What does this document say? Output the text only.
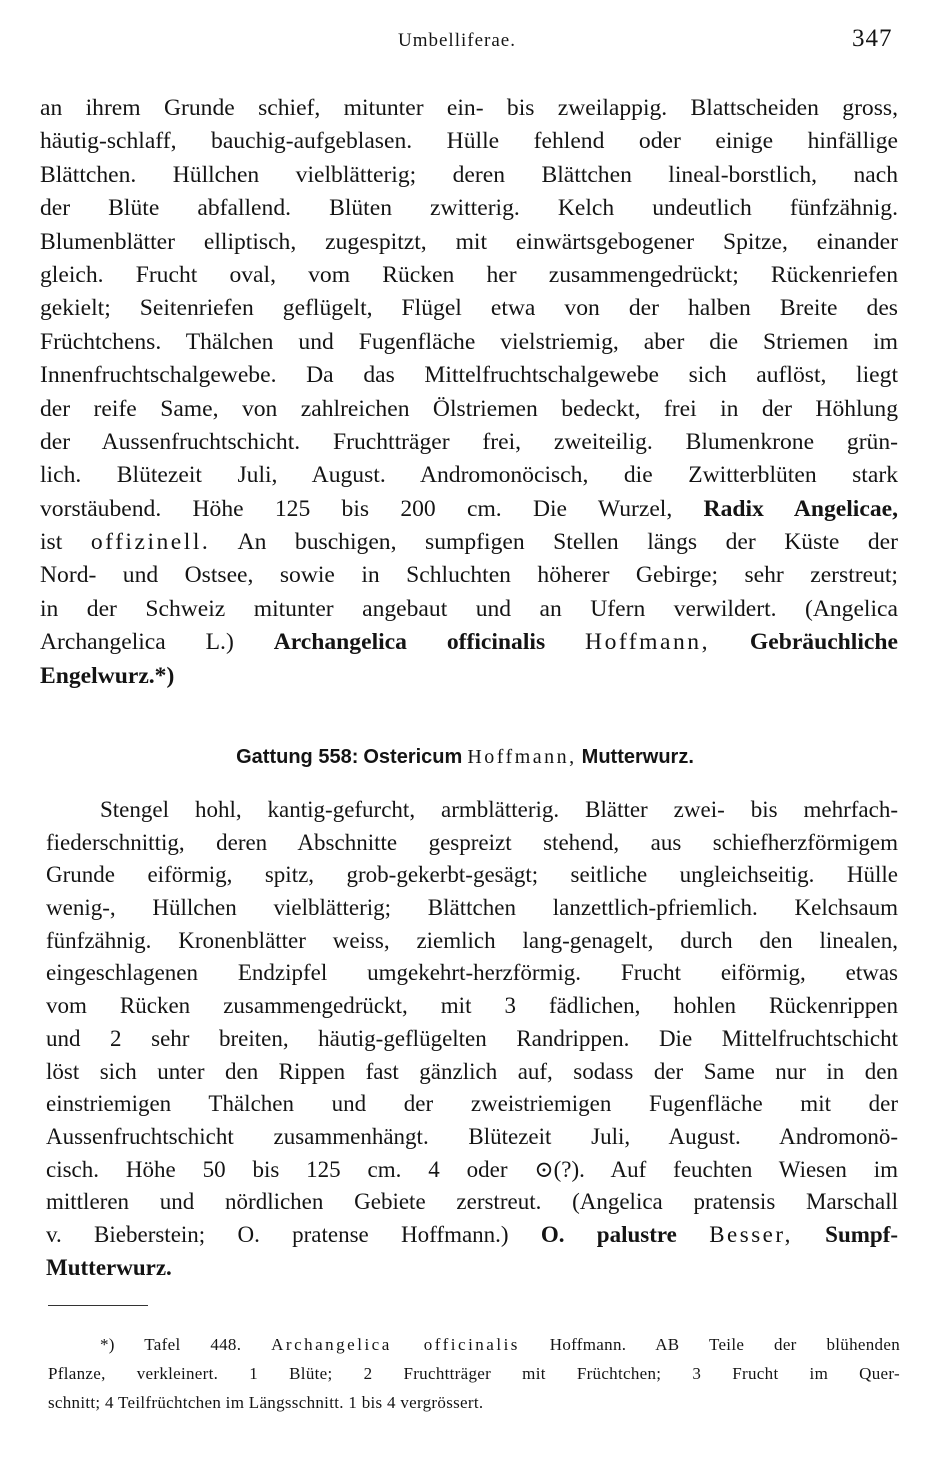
Umbelliferae.	347
an ihrem Grunde schief, mitunter ein- bis zweilappig. Blattscheiden gross,
häutig-schlaff, bauchig-aufgeblasen. Hülle fehlend oder einige hinfällige
Blättchen. Hüllchen vielblätterig; deren Blättchen lineal-borstlich, nach
der Blüte abfallend. Blüten zwitterig. Kelch undeutlich fünfzähnig.
Blumenblätter elliptisch, zugespitzt, mit einwärtsgebogener Spitze, einander
gleich. Frucht oval, vom Rücken her zusammengedrückt; Rückenriefen
gekielt; Seitenriefen geflügelt, Flügel etwa von der halben Breite des
Früchtchens. Thälchen und Fugenfläche vielstriemig, aber die Striemen im
Innenfruchtschalgewebe. Da das Mittelfruchtschalgewebe sich auflöst, liegt
der reife Same, von zahlreichen Ölstriemen bedeckt, frei in der Höhlung
der Aussenfruchtschicht. Fruchtträger frei, zweiteilig. Blumenkrone grün-
lich. Blütezeit Juli, August. Andromonöcisch, die Zwitterblüten stark
vorstäubend. Höhe 125 bis 200 cm. Die Wurzel, Radix Angelicae,
ist offizinell. An buschigen, sumpfigen Stellen längs der Küste der
Nord- und Ostsee, sowie in Schluchten höherer Gebirge; sehr zerstreut;
in der Schweiz mitunter angebaut und an Ufern verwildert. (Angelica
Archangelica L.) Archangelica officinalis Hoffmann, Gebräuchliche
Engelwurz.*)
Gattung 558: Ostericum Hoffmann, Mutterwurz.
Stengel hohl, kantig-gefurcht, armblätterig. Blätter zwei- bis mehrfach-
fiederschnittig, deren Abschnitte gespreizt stehend, aus schiefherzförmigem
Grunde eiförmig, spitz, grob-gekerbt-gesägt; seitliche ungleichseitig. Hülle
wenig-, Hüllchen vielblätterig; Blättchen lanzettlich-pfriemlich. Kelchsaum
fünfzähnig. Kronenblätter weiss, ziemlich lang-genagelt, durch den linealen,
eingeschlagenen Endzipfel umgekehrt-herzförmig. Frucht eiförmig, etwas
vom Rücken zusammengedrückt, mit 3 fädlichen, hohlen Rückenrippen
und 2 sehr breiten, häutig-geflügelten Randrippen. Die Mittelfruchtschicht
löst sich unter den Rippen fast gänzlich auf, sodass der Same nur in den
einstriemigen Thälchen und der zweistriemigen Fugenfläche mit der
Aussenfruchtschicht zusammenhängt. Blütezeit Juli, August. Andromonö-
cisch. Höhe 50 bis 125 cm. 4 oder ⊙(?). Auf feuchten Wiesen im
mittleren und nördlichen Gebiete zerstreut. (Angelica pratensis Marschall
v. Bieberstein; O. pratense Hoffmann.) O. palustre Besser, Sumpf-
Mutterwurz.
*) Tafel 448. Archangelica officinalis Hoffmann. AB Teile der blühenden
Pflanze, verkleinert. 1 Blüte; 2 Fruchtträger mit Früchtchen; 3 Frucht im Quer-
schnitt; 4 Teilfrüchtchen im Längsschnitt. 1 bis 4 vergrössert.
